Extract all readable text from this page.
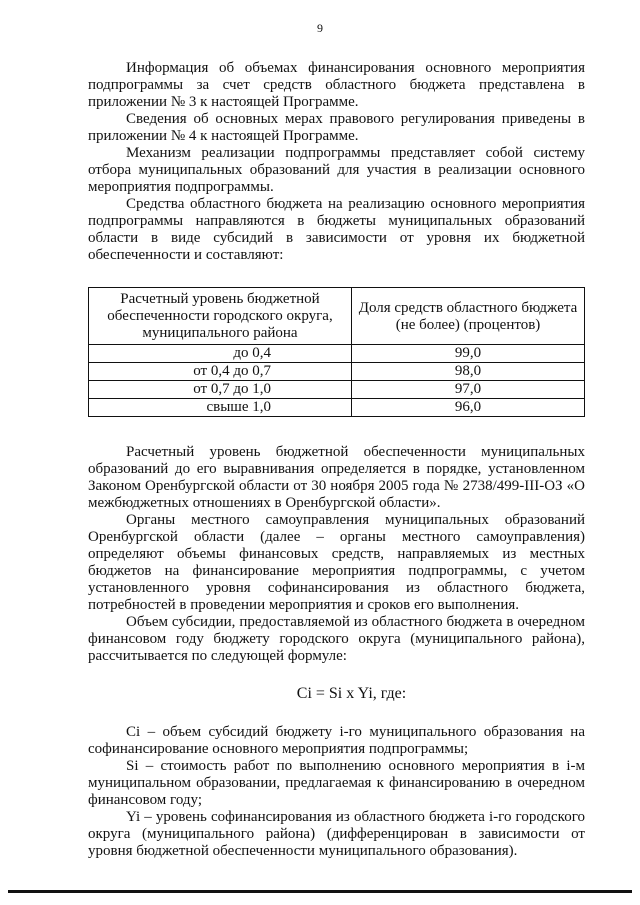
9

Информация об объемах финансирования основного мероприятия подпрограммы за счет средств областного бюджета представлена в приложении № 3 к настоящей Программе.

Сведения об основных мерах правового регулирования приведены в приложении № 4 к настоящей Программе.

Механизм реализации подпрограммы представляет собой систему отбора муниципальных образований для участия в реализации основного мероприятия подпрограммы.

Средства областного бюджета на реализацию основного мероприятия подпрограммы направляются в бюджеты муниципальных образований области в виде субсидий в зависимости от уровня их бюджетной обеспеченности и составляют:

Расчетный уровень бюджетной обеспеченности городского округа, муниципального района	Доля средств областного бюджета (не более) (процентов)
до 0,4	99,0
от 0,4 до 0,7	98,0
от 0,7 до 1,0	97,0
свыше 1,0	96,0

Расчетный уровень бюджетной обеспеченности муниципальных образований до его выравнивания определяется в порядке, установленном Законом Оренбургской области от 30 ноября 2005 года № 2738/499-III-ОЗ «О межбюджетных отношениях в Оренбургской области».

Органы местного самоуправления муниципальных образований Оренбургской области (далее – органы местного самоуправления) определяют объемы финансовых средств, направляемых из местных бюджетов на финансирование мероприятия подпрограммы, с учетом установленного уровня софинансирования из областного бюджета, потребностей в проведении мероприятия и сроков его выполнения.

Объем субсидии, предоставляемой из областного бюджета в очередном финансовом году бюджету городского округа (муниципального района), рассчитывается по следующей формуле:

Ci = Si x Yi, где:

Ci – объем субсидий бюджету i-го муниципального образования на софинансирование основного мероприятия подпрограммы;

Si – стоимость работ по выполнению основного мероприятия в i-м муниципальном образовании, предлагаемая к финансированию в очередном финансовом году;

Yi – уровень софинансирования из областного бюджета i-го городского округа (муниципального района) (дифференцирован в зависимости от уровня бюджетной обеспеченности муниципального образования).
